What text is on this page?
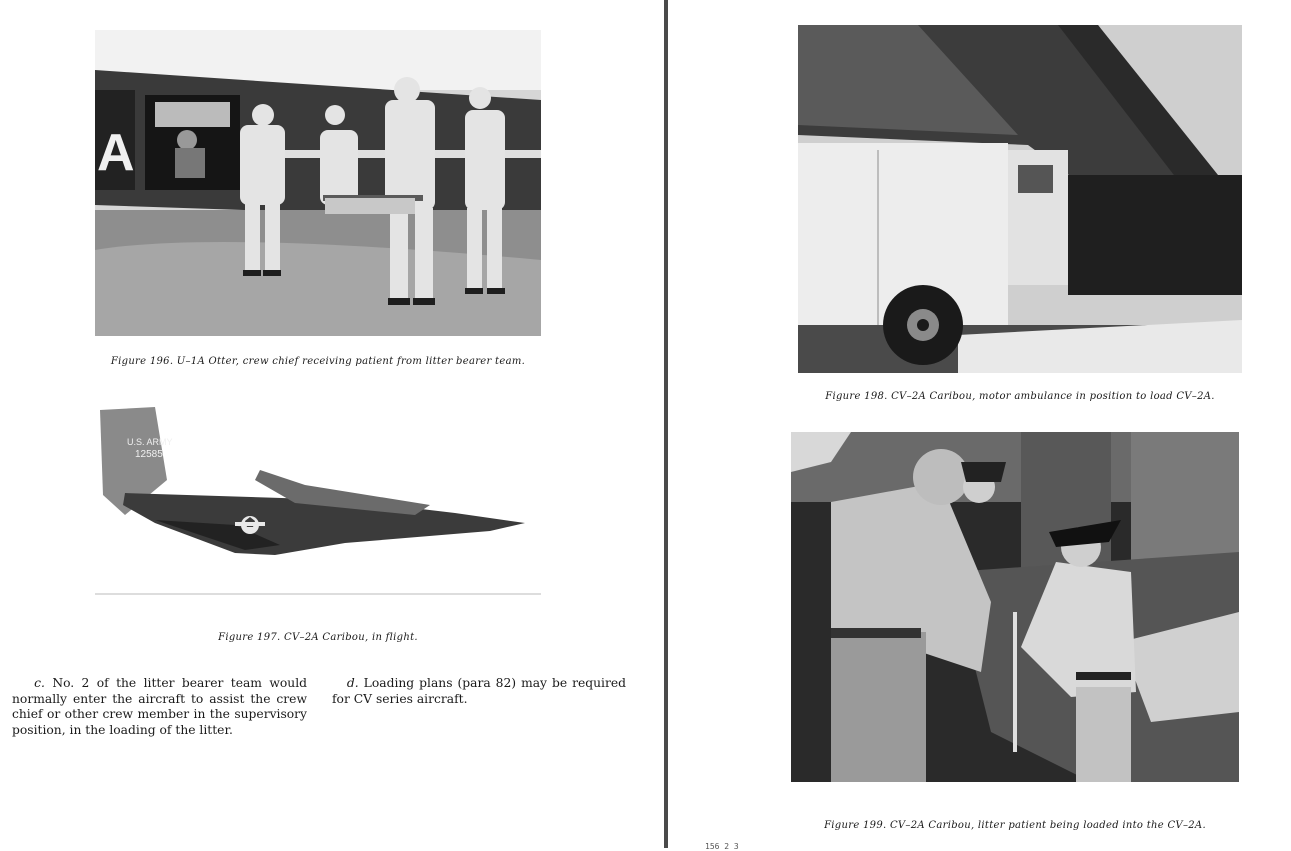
A
Figure 196. U–1A Otter, crew chief receiving patient from litter bearer team.
U.S. ARMY
12585
Figure 197. CV–2A Caribou, in flight.
c. No. 2 of the litter bearer team would normally enter the aircraft to assist the crew chief or other crew member in the supervisory position, in the loading of the litter.
d. Loading plans (para 82) may be required for CV series aircraft.
Figure 198. CV–2A Caribou, motor ambulance in position to load CV–2A.
Figure 199. CV–2A Caribou, litter patient being loaded into the CV–2A.
156 2 3
